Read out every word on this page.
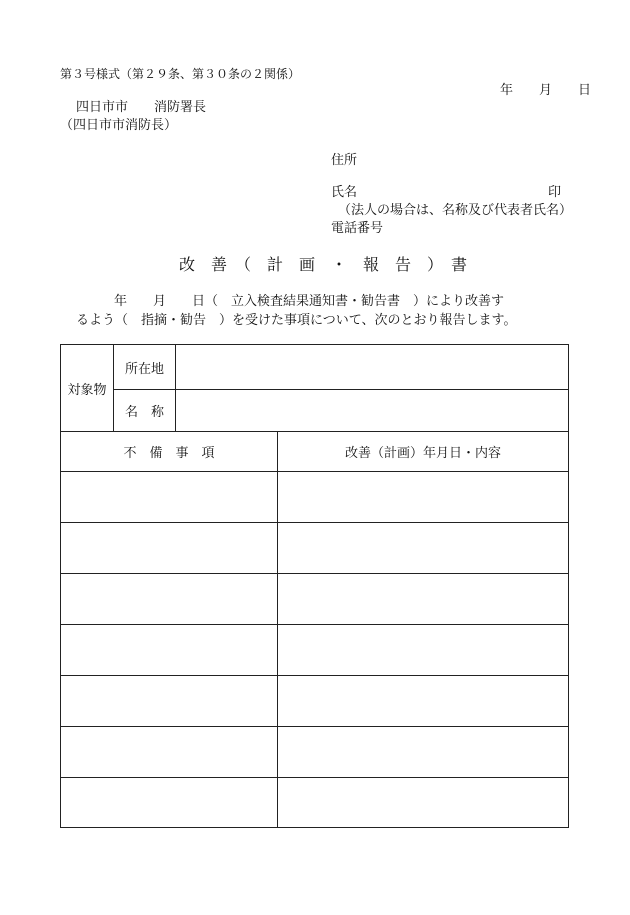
第３号様式（第２９条、第３０条の２関係）
年　　月　　日
四日市市　　消防署長
（四日市市消防長）
住所
氏名	印
（法人の場合は、名称及び代表者氏名）
電話番号
改　善　（　計　画　・　報　告　）　書
年　　月　　日（　立入検査結果通知書・勧告書　）により改善す
るよう（　指摘・勧告　）を受けた事項について、次のとおり報告します。
対象物	所在地		
	名　称		
不　備　事　項			改善（計画）年月日・内容
